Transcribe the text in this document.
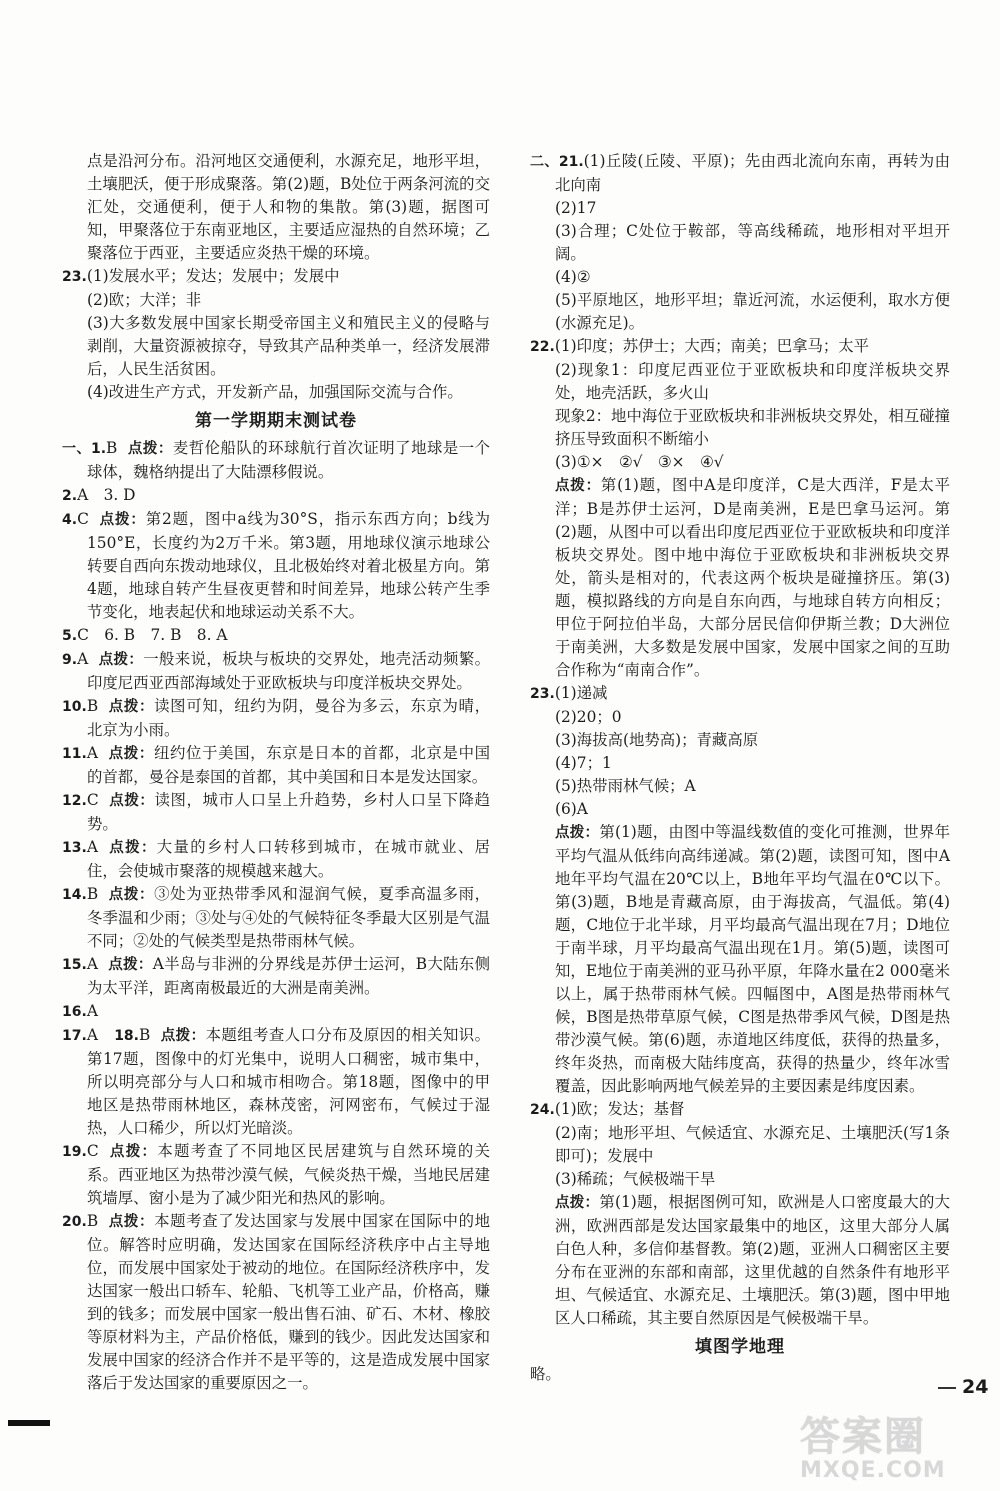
点是沿河分布。沿河地区交通便利，水源充足，地形平坦，土壤肥沃，便于形成聚落。第(2)题，B处位于两条河流的交汇处，交通便利，便于人和物的集散。第(3)题，据图可知，甲聚落位于东南亚地区，主要适应湿热的自然环境；乙聚落位于西亚，主要适应炎热干燥的环境。

23.(1)发展水平；发达；发展中；发展中

(2)欧；大洋；非

(3)大多数发展中国家长期受帝国主义和殖民主义的侵略与剥削，大量资源被掠夺，导致其产品种类单一，经济发展滞后，人民生活贫困。

(4)改进生产方式，开发新产品，加强国际交流与合作。

第一学期期末测试卷

一、1.B 点拨：麦哲伦船队的环球航行首次证明了地球是一个球体，魏格纳提出了大陆漂移假说。

2.A　3. D

4.C 点拨：第2题，图中a线为30°S，指示东西方向；b线为150°E，长度约为2万千米。第3题，用地球仪演示地球公转要自西向东拨动地球仪，且北极始终对着北极星方向。第4题，地球自转产生昼夜更替和时间差异，地球公转产生季节变化，地表起伏和地球运动关系不大。

5.C　6. B　7. B　8. A

9.A 点拨：一般来说，板块与板块的交界处，地壳活动频繁。印度尼西亚西部海域处于亚欧板块与印度洋板块交界处。

10.B 点拨：读图可知，纽约为阴，曼谷为多云，东京为晴，北京为小雨。

11.A 点拨：纽约位于美国，东京是日本的首都，北京是中国的首都，曼谷是泰国的首都，其中美国和日本是发达国家。

12.C 点拨：读图，城市人口呈上升趋势，乡村人口呈下降趋势。

13.A 点拨：大量的乡村人口转移到城市，在城市就业、居住，会使城市聚落的规模越来越大。

14.B 点拨：③处为亚热带季风和湿润气候，夏季高温多雨，冬季温和少雨；③处与④处的气候特征冬季最大区别是气温不同；②处的气候类型是热带雨林气候。

15.A 点拨：A半岛与非洲的分界线是苏伊士运河，B大陆东侧为太平洋，距离南极最近的大洲是南美洲。

16.A

17.A　18.B 点拨：本题组考查人口分布及原因的相关知识。第17题，图像中的灯光集中，说明人口稠密，城市集中，所以明亮部分与人口和城市相吻合。第18题，图像中的甲地区是热带雨林地区，森林茂密，河网密布，气候过于湿热，人口稀少，所以灯光暗淡。

19.C 点拨：本题考查了不同地区民居建筑与自然环境的关系。西亚地区为热带沙漠气候，气候炎热干燥，当地民居建筑墙厚、窗小是为了减少阳光和热风的影响。

20.B 点拨：本题考查了发达国家与发展中国家在国际中的地位。解答时应明确，发达国家在国际经济秩序中占主导地位，而发展中国家处于被动的地位。在国际经济秩序中，发达国家一般出口轿车、轮船、飞机等工业产品，价格高，赚到的钱多；而发展中国家一般出售石油、矿石、木材、橡胶等原材料为主，产品价格低，赚到的钱少。因此发达国家和发展中国家的经济合作并不是平等的，这是造成发展中国家落后于发达国家的重要原因之一。

二、21.(1)丘陵(丘陵、平原)；先由西北流向东南，再转为由北向南

(2)17

(3)合理；C处位于鞍部，等高线稀疏，地形相对平坦开阔。

(4)②

(5)平原地区，地形平坦；靠近河流，水运便利，取水方便(水源充足)。

22.(1)印度；苏伊士；大西；南美；巴拿马；太平

(2)现象1：印度尼西亚位于亚欧板块和印度洋板块交界处，地壳活跃，多火山

现象2：地中海位于亚欧板块和非洲板块交界处，相互碰撞挤压导致面积不断缩小

(3)①×　②√　③×　④√

点拨：第(1)题，图中A是印度洋，C是大西洋，F是太平洋；B是苏伊士运河，D是南美洲，E是巴拿马运河。第(2)题，从图中可以看出印度尼西亚位于亚欧板块和印度洋板块交界处。图中地中海位于亚欧板块和非洲板块交界处，箭头是相对的，代表这两个板块是碰撞挤压。第(3)题，模拟路线的方向是自东向西，与地球自转方向相反；甲位于阿拉伯半岛，大部分居民信仰伊斯兰教；D大洲位于南美洲，大多数是发展中国家，发展中国家之间的互助合作称为“南南合作”。

23.(1)递减

(2)20；0

(3)海拔高(地势高)；青藏高原

(4)7；1

(5)热带雨林气候；A

(6)A

点拨：第(1)题，由图中等温线数值的变化可推测，世界年平均气温从低纬向高纬递减。第(2)题，读图可知，图中A地年平均气温在20℃以上，B地年平均气温在0℃以下。第(3)题，B地是青藏高原，由于海拔高，气温低。第(4)题，C地位于北半球，月平均最高气温出现在7月；D地位于南半球，月平均最高气温出现在1月。第(5)题，读图可知，E地位于南美洲的亚马孙平原，年降水量在2 000毫米以上，属于热带雨林气候。四幅图中，A图是热带雨林气候，B图是热带草原气候，C图是热带季风气候，D图是热带沙漠气候。第(6)题，赤道地区纬度低，获得的热量多，终年炎热，而南极大陆纬度高，获得的热量少，终年冰雪覆盖，因此影响两地气候差异的主要因素是纬度因素。

24.(1)欧；发达；基督

(2)南；地形平坦、气候适宜、水源充足、土壤肥沃(写1条即可)；发展中

(3)稀疏；气候极端干旱

点拨：第(1)题，根据图例可知，欧洲是人口密度最大的大洲，欧洲西部是发达国家最集中的地区，这里大部分人属白色人种，多信仰基督教。第(2)题，亚洲人口稠密区主要分布在亚洲的东部和南部，这里优越的自然条件有地形平坦、气候适宜、水源充足、土壤肥沃。第(3)题，图中甲地区人口稀疏，其主要自然原因是气候极端干旱。

填图学地理

略。

24
答案圈
MXQE.COM
